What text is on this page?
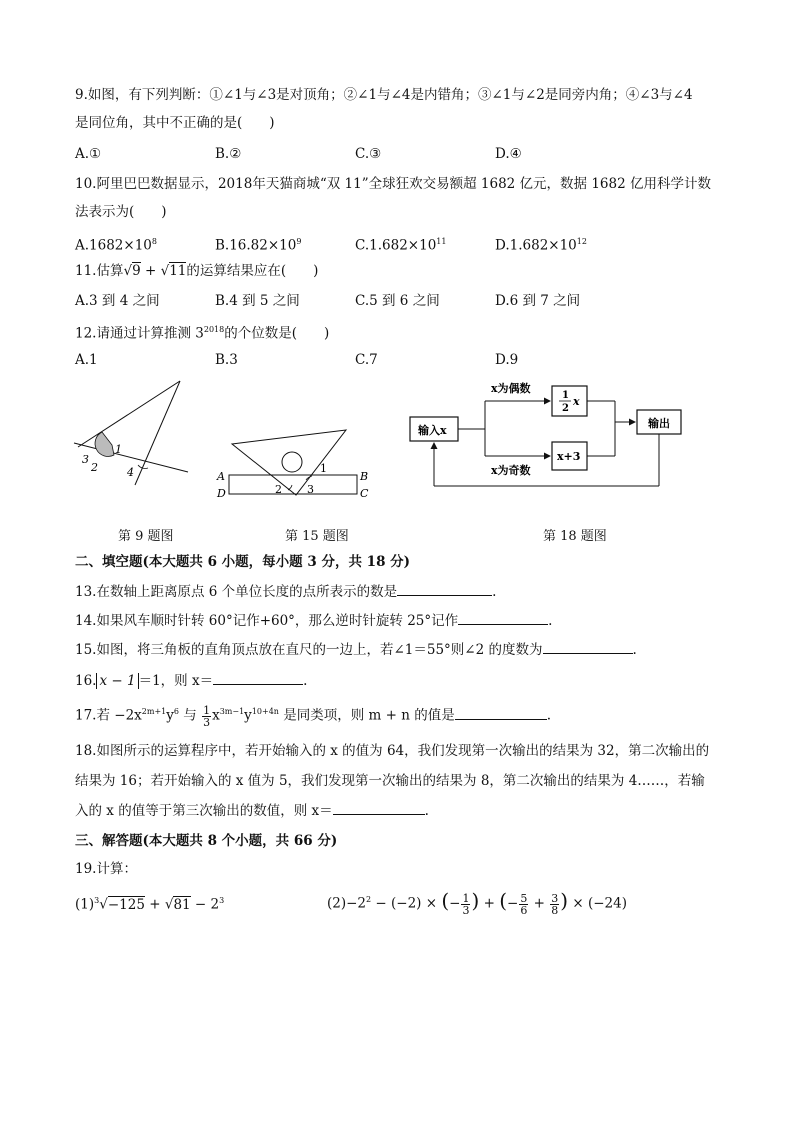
9.如图，有下列判断：①∠1与∠3是对顶角；②∠1与∠4是内错角；③∠1与∠2是同旁内角；④∠3与∠4
是同位角，其中不正确的是(　　)
A.①	B.②	C.③	D.④
10.阿里巴巴数据显示，2018年天猫商城“双 11”全球狂欢交易额超 1682 亿元，数据 1682 亿用科学计数
法表示为(　　)
$A.1682\times 10^8$	$B.16.82\times 10^9$	$C.1.682\times 10^{11}$	$D.1.682\times 10^{12}$
11.估算√9 + √11的运算结果应在(　　)
A.3 到 4 之间	B.4 到 5 之间	C.5 到 6 之间	D.6 到 7 之间
12.请通过计算推测 $3^{2018}$的个位数是(　　)
A.1	B.3	C.7	D.9
1
2
3
4
第 9 题图
A	B
C
D
1
2 3
第 15 题图
输入x
x为偶数
x为奇数
1
2
x
x+3
输出
第 18 题图
二、填空题(本大题共 6 小题，每小题 3 分，共 18 分)
13.在数轴上距离原点 6 个单位长度的点所表示的数是	.
14.如果风车顺时针转 60°记作+60°，那么逆时针旋转 25°记作	.
15.如图，将三角板的直角顶点放在直尺的一边上，若∠1＝55°则∠2 的度数为	.
16. x − 1 ＝1，则 x＝	.
17.若 $-2x^{2m+1}y^6$ 与 $\frac{1}{3} x^{3m-1}y^{10+4n}$ 是同类项，则 m + n 的值是	.
18.如图所示的运算程序中，若开始输入的 x 的值为 64，我们发现第一次输出的结果为 32，第二次输出的
结果为 16；若开始输入的 x 值为 5，我们发现第一次输出的结果为 8，第二次输出的结果为 4……，若输
入的 x 的值等于第三次输出的数值，则 x＝	.
三、解答题(本大题共 8 个小题，共 66 分)
19.计算：
$(1)^3√-125 + √81 - 2^3$	$(2)-2^2 - (-2)$ × (− $\frac{1}{3}$ ) + (− $\frac{5}{6} + \frac{3}{8}$ ) × (−24)
